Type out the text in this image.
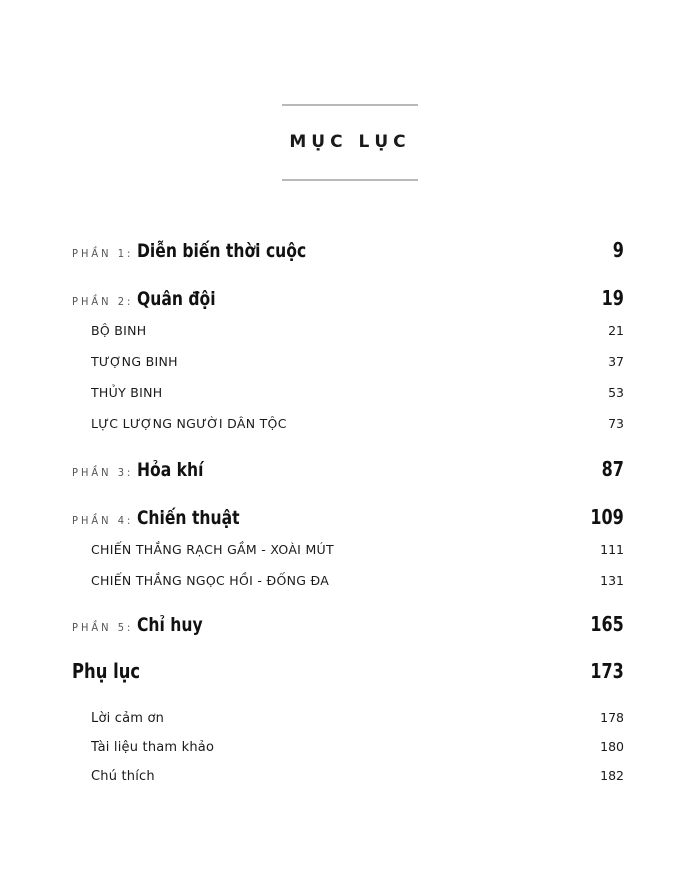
MỤC LỤC
PHẦN 1: Diễn biến thời cuộc	9
PHẦN 2: Quân đội	19
BỘ BINH	21
TƯỢNG BINH	37
THỦY BINH	53
LỰC LƯỢNG NGƯỜI DÂN TỘC	73
PHẦN 3: Hỏa khí	87
PHẦN 4: Chiến thuật	109
CHIẾN THẮNG RẠCH GẦM - XOÀI MÚT	111
CHIẾN THẮNG NGỌC HỒI - ĐỐNG ĐA	131
PHẦN 5: Chỉ huy	165
Phụ lục	173
Lời cảm ơn	178
Tài liệu tham khảo	180
Chú thích	182
